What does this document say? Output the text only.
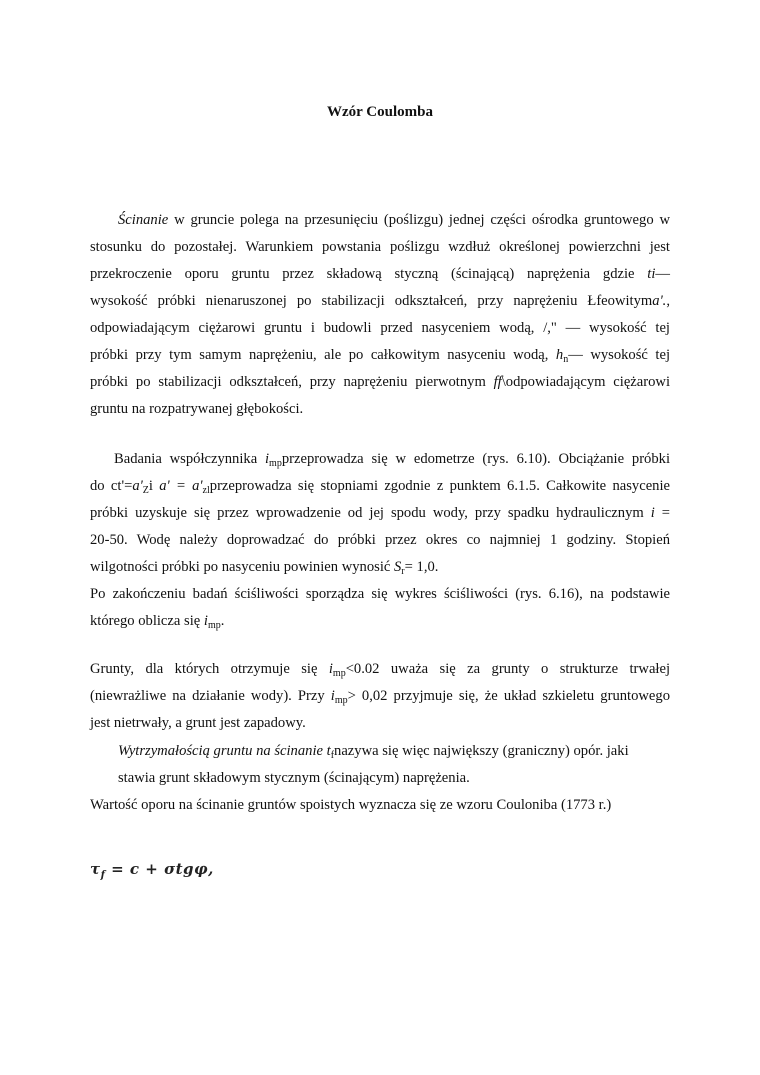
Wzór Coulomba
Ścinanie w gruncie polega na przesunięciu (poślizgu) jednej części ośrodka gruntowego w
stosunku do pozostałej. Warunkiem powstania poślizgu wzdłuż określonej powierzchni jest
przekroczenie oporu gruntu przez składową styczną (ścinającą) naprężenia gdzie ti—
wysokość próbki nienaruszonej po stabilizacji odkształceń, przy naprężeniu Łfeowityma'.,
odpowiadającym ciężarowi gruntu i budowli przed nasyceniem wodą, /," — wysokość tej
próbki przy tym samym naprężeniu, ale po całkowitym nasyceniu wodą, $h_n—$ wysokość tej
próbki po stabilizacji odkształceń, przy naprężeniu pierwotnym ff\odpowiadającym ciężarowi
gruntu na rozpatrywanej głębokości.
Badania współczynnika $i_{mp}przeprowadza$ się w edometrze (rys. 6.10). Obciążanie próbki
do $ct'=a'_Zi$ $a' = a'_{zl}przeprowadza$ się stopniami zgodnie z punktem 6.1.5. Całkowite nasycenie
próbki uzyskuje się przez wprowadzenie od jej spodu wody, przy spadku hydraulicznym i =
20-50. Wodę należy doprowadzać do próbki przez okres co najmniej 1 godziny. Stopień
wilgotności próbki po nasyceniu powinien wynosić $S_r= 1,0$.
Po zakończeniu badań ściśliwości sporządza się wykres ściśliwości (rys. 6.16), na podstawie
którego oblicza się $i_{mp}$.
Grunty, dla których otrzymuje się $i_{mp}<0.02$ uważa się za grunty o strukturze trwałej
(niewrażliwe na działanie wody). Przy $i_{mp}> 0,02$ przyjmuje się, że układ szkieletu gruntowego
jest nietrwały, a grunt jest zapadowy.
Wytrzymałością gruntu na ścinanie $t_fnazywa$ się więc największy (graniczny) opór. jaki
stawia grunt składowym stycznym (ścinającym) naprężenia.
Wartość oporu na ścinanie gruntów spoistych wyznacza się ze wzoru Couloniba (1773 r.)
$\tau_f = c + \sigma tg\varphi$,
